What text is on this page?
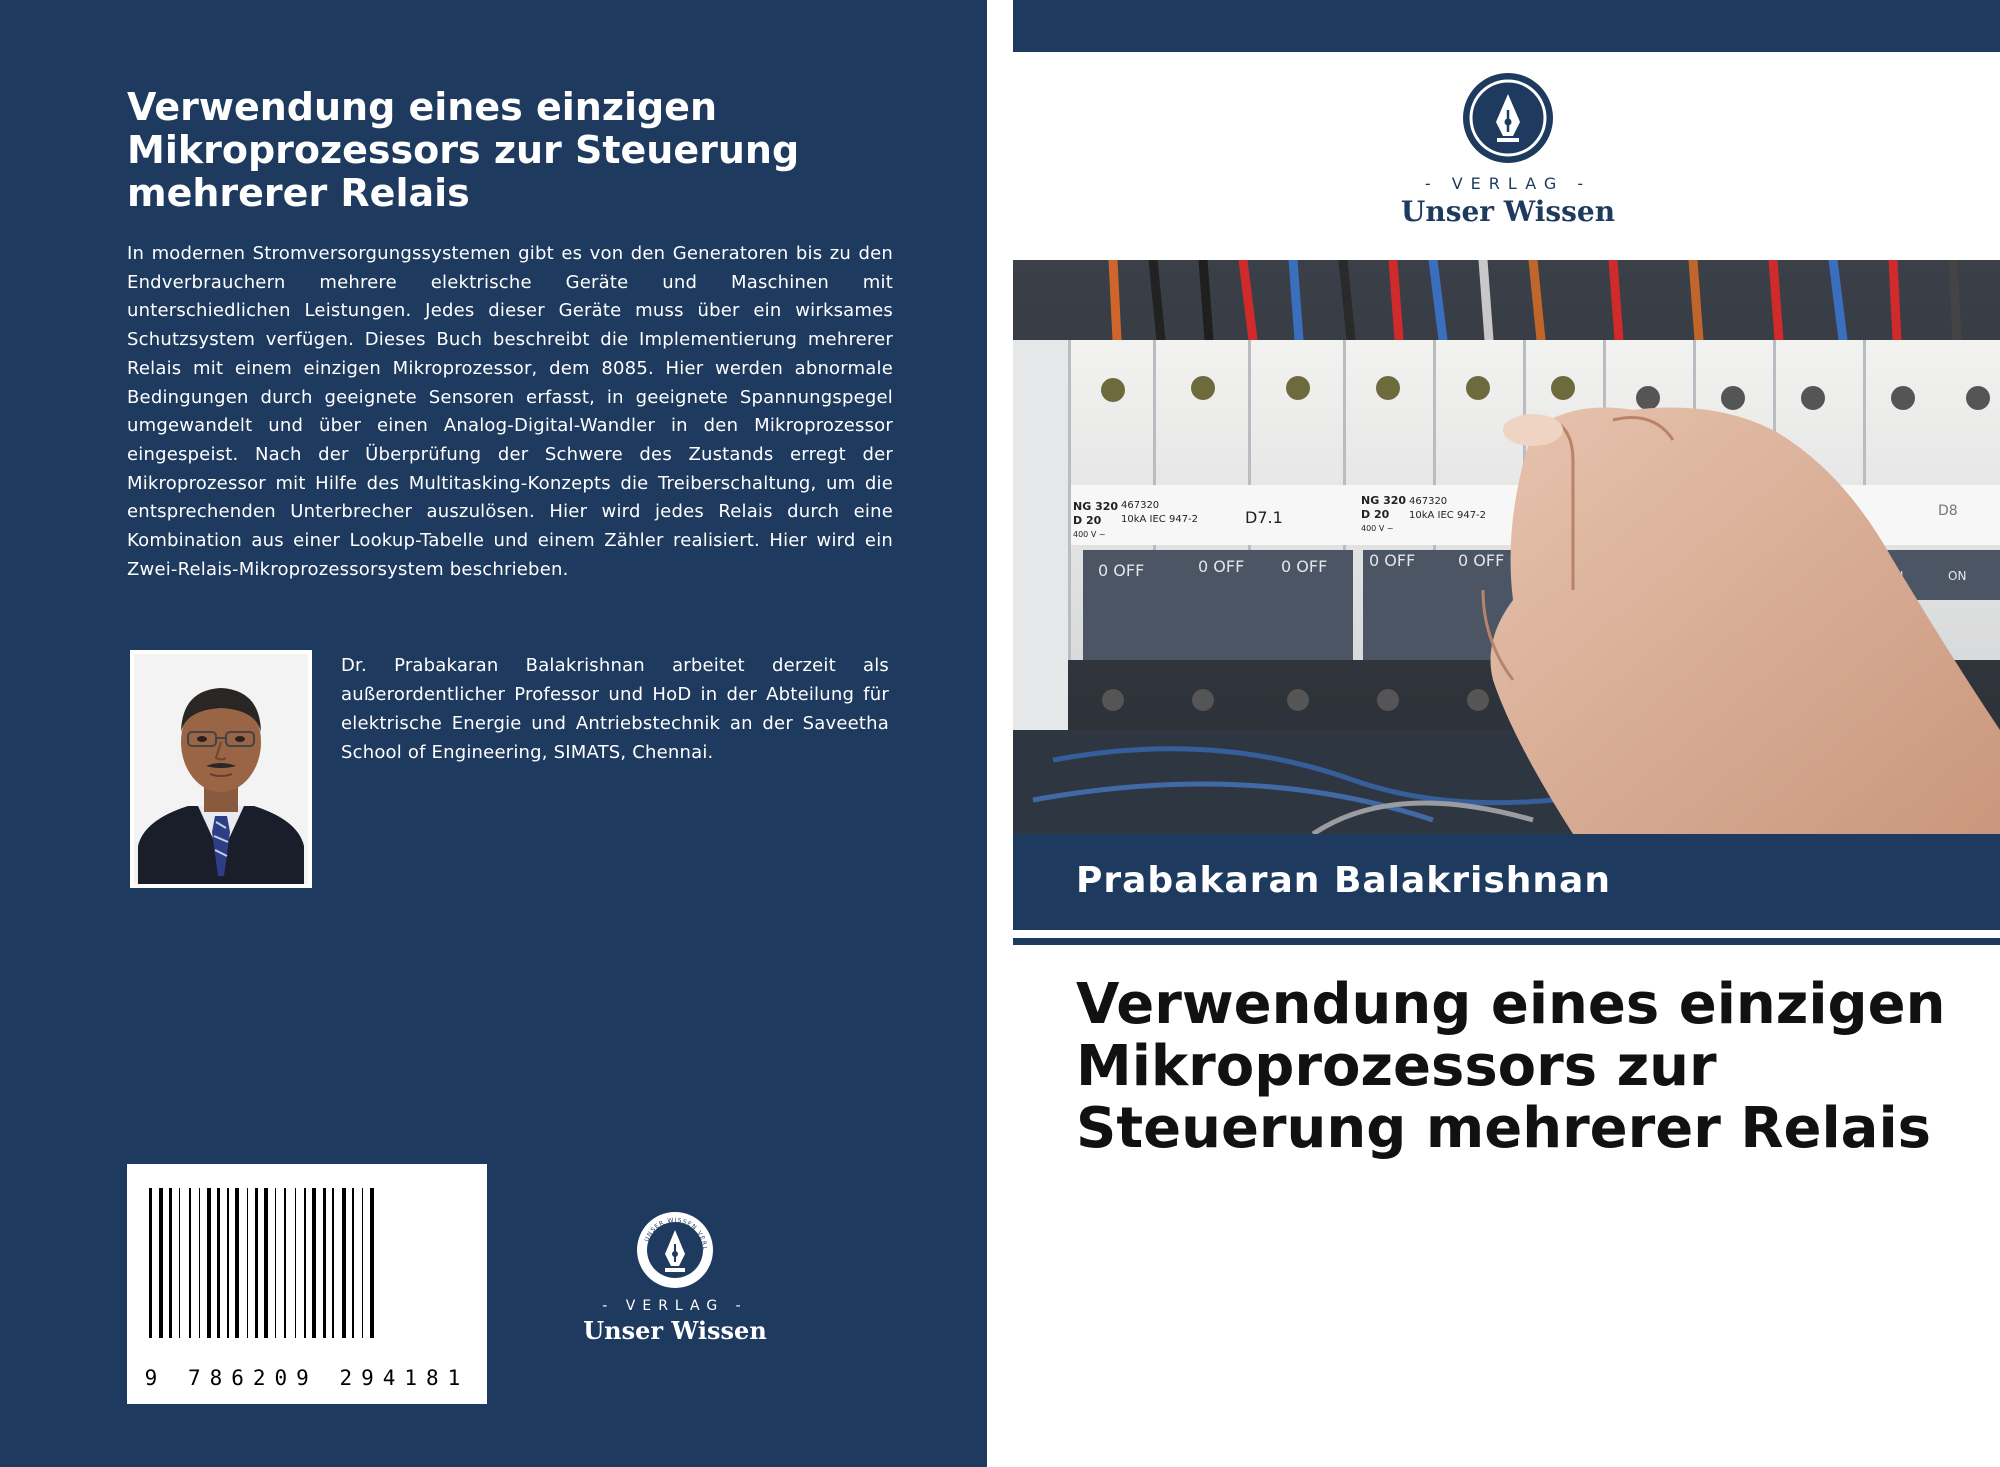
Verwendung eines einzigen Mikroprozessors zur Steuerung mehrerer Relais
In modernen Stromversorgungssystemen gibt es von den Generatoren bis zu den Endverbrauchern mehrere elektrische Geräte und Maschinen mit unterschiedlichen Leistungen. Jedes dieser Geräte muss über ein wirksames Schutzsystem verfügen. Dieses Buch beschreibt die Implementierung mehrerer Relais mit einem einzigen Mikroprozessor, dem 8085. Hier werden abnormale Bedingungen durch geeignete Sensoren erfasst, in geeignete Spannungspegel umgewandelt und über einen Analog-Digital-Wandler in den Mikroprozessor eingespeist. Nach der Überprüfung der Schwere des Zustands erregt der Mikroprozessor mit Hilfe des Multitasking-Konzepts die Treiberschaltung, um die entsprechenden Unterbrecher auszulösen. Hier wird jedes Relais durch eine Kombination aus einer Lookup-Tabelle und einem Zähler realisiert. Hier wird ein Zwei-Relais-Mikroprozessorsystem beschrieben.
Dr. Prabakaran Balakrishnan arbeitet derzeit als außerordentlicher Professor und HoD in der Abteilung für elektrische Energie und Antriebstechnik an der Saveetha School of Engineering, SIMATS, Chennai.
9 786209 294181
UNSER WISSEN VERL
- VERLAG -
Unser Wissen
- VERLAG -
Unser Wissen
NG 320
D 20
400 V ~
467320
10kA IEC 947-2	D7.1
NG 320
D 20
400 V ~
467320
10kA IEC 947-2	D8
0 OFF	0 OFF 0 OFF	0 OFF	0 OFF
ON
Prabakaran Balakrishnan
Verwendung eines einzigen Mikroprozessors zur Steuerung mehrerer Relais
